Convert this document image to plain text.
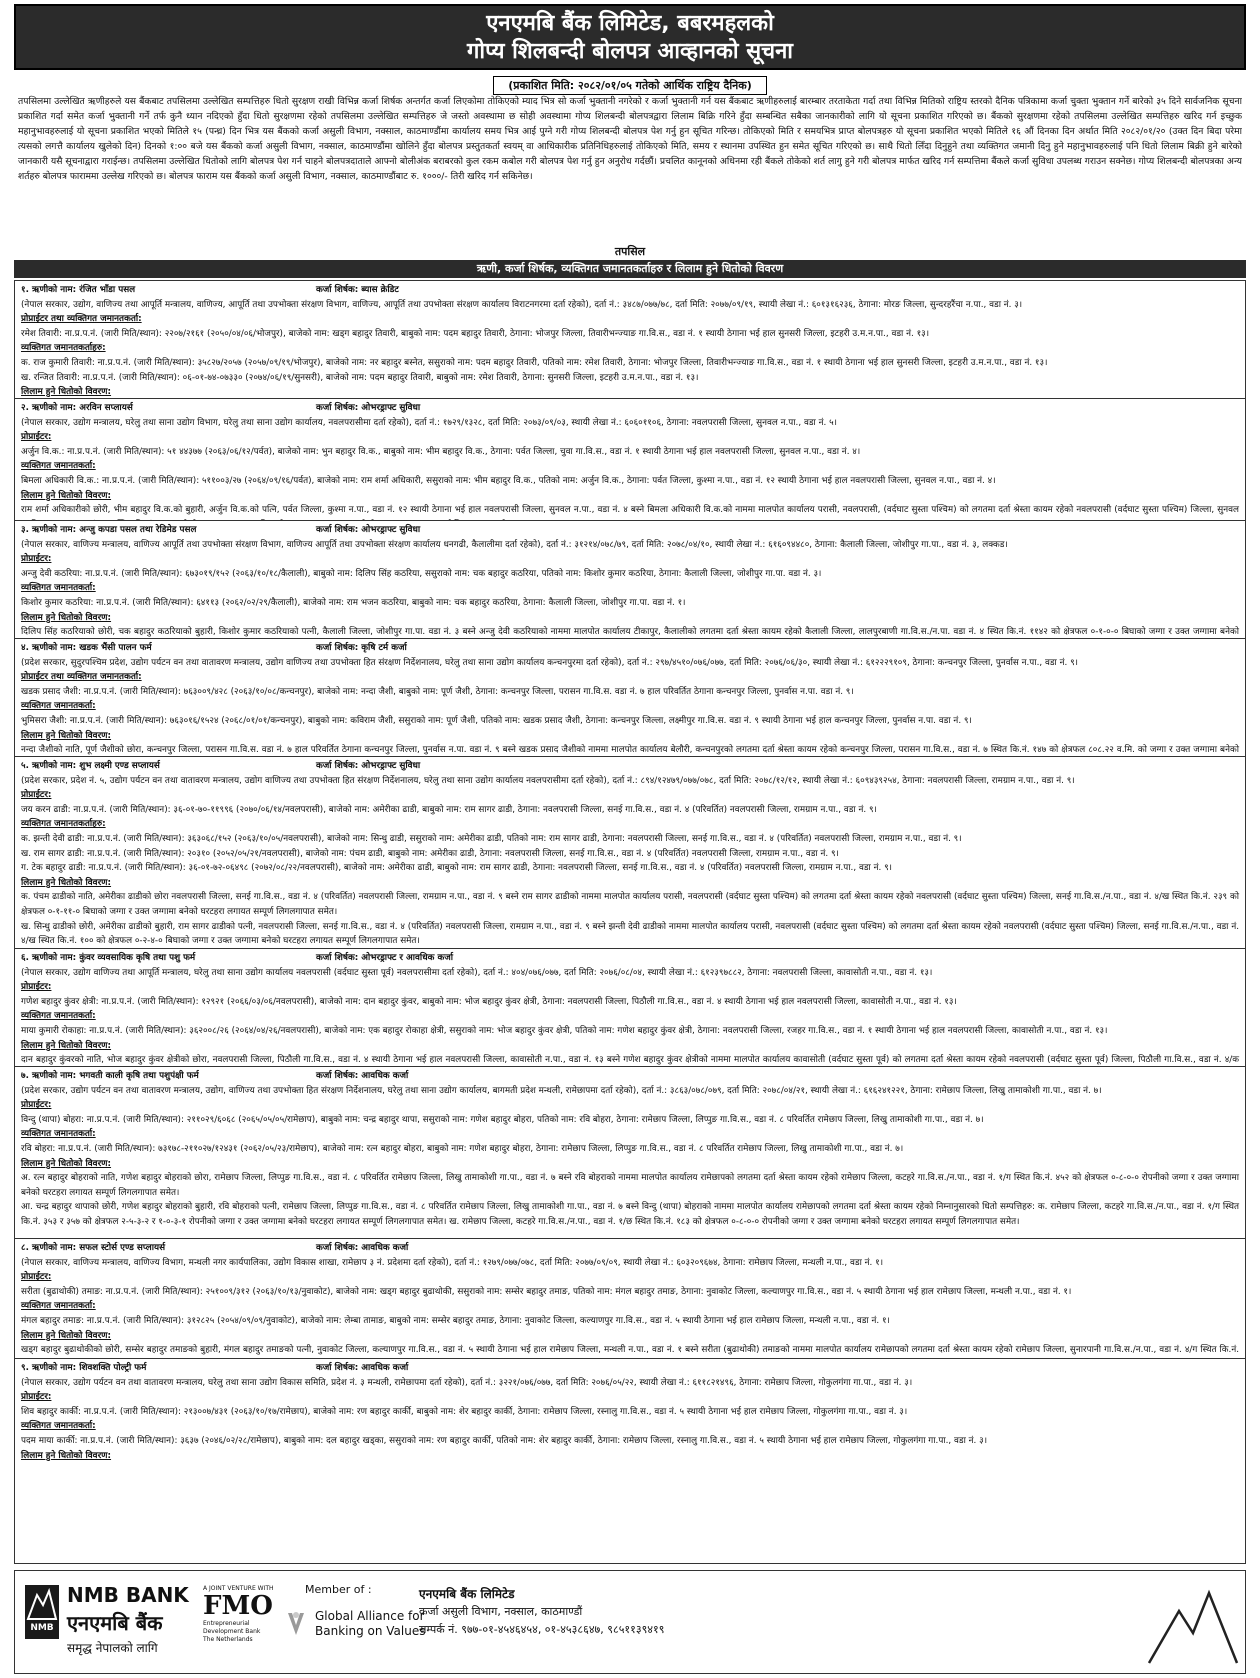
एनएमबि बैंक लिमिटेड, बबरमहलको
गोप्य शिलबन्दी बोलपत्र आव्हानको सूचना
(प्रकाशित मिति: २०८२/०१/०५ गतेको आर्थिक राष्ट्रिय दैनिक)
तपसिलमा उल्लेखित ऋणीहरुले यस बैंकबाट तपसिलमा उल्लेखित सम्पत्तिहरु धितो सुरक्षण राखी विभिन्न कर्जा शिर्षक अन्तर्गत कर्जा लिएकोमा तोकिएको म्याद भित्र सो कर्जा भुक्तानी नगरेको र कर्जा भुक्तानी गर्न यस बैंकबाट ऋणीहरुलाई बारम्बार तरताकेता गर्दा तथा विभिन्न मितिको राष्ट्रिय स्तरको दैनिक पत्रिकामा कर्जा चुक्ता भुक्तान गर्ने बारेको ३५ दिने सार्वजनिक सूचना प्रकाशित गर्दा समेत कर्जा भुक्तानी गर्ने तर्फ कुनै ध्यान नदिएको हुँदा धितो सुरक्षणमा रहेको तपसिलमा उल्लेखित सम्पत्तिहरु जे जस्तो अवस्थामा छ सोही अवस्थामा गोप्य शिलबन्दी बोलपत्रद्वारा लिलाम बिक्रि गरिने हुँदा सम्बन्धित सबैका जानकारीको लागि यो सूचना प्रकाशित गरिएको छ। बैंकको सुरक्षणमा रहेको तपसिलमा उल्लेखित सम्पत्तिहरु खरिद गर्न इच्छुक महानुभावहरुलाई यो सूचना प्रकाशित भएको मितिले १५ (पन्ध्र) दिन भित्र यस बैंकको कर्जा असुली विभाग, नक्साल, काठमाण्डौंमा कार्यालय समय भित्र आई पुग्ने गरी गोप्य शिलबन्दी बोलपत्र पेश गर्नु हुन सूचित गरिन्छ। तोकिएको मिति र समयभित्र प्राप्त बोलपत्रहरु यो सूचना प्रकाशित भएको मितिले १६ औं दिनका दिन अर्थात मिति २०८२/०१/२० (उक्त दिन बिदा परेमा त्यसको लगत्तै कार्यालय खुलेको दिन) दिनको १:०० बजे यस बैंकको कर्जा असुली विभाग, नक्साल, काठमाण्डौंमा खोलिने हुँदा बोलपत्र प्रस्तुतकर्ता स्वयम् वा आधिकारीक प्रतिनिधिहरुलाई तोकिएको मिति, समय र स्थानमा उपस्थित हुन समेत सूचित गरिएको छ। साथै धितो लिँदा दिनुहुने तथा व्यक्तिगत जमानी दिनु हुने महानुभावहरुलाई पनि धितो लिलाम बिक्री हुने बारेको जानकारी यसै सूचनाद्वारा गराईन्छ। तपसिलमा उल्लेखित धितोको लागि बोलपत्र पेश गर्न चाहने बोलपत्रदाताले आफ्नो बोलीअंक बराबरको कुल रकम कबोल गरी बोलपत्र पेश गर्नु हुन अनुरोध गर्दछौं। प्रचलित कानूनको अधिनमा रही बैंकले तोकेको शर्त लागु हुने गरी बोलपत्र मार्फत खरिद गर्न सम्पत्तिमा बैंकले कर्जा सुविधा उपलब्ध गराउन सक्नेछ। गोप्य शिलबन्दी बोलपत्रका अन्य शर्तहरु बोलपत्र फाराममा उल्लेख गरिएको छ। बोलपत्र फाराम यस बैंकको कर्जा असुली विभाग, नक्साल, काठमाण्डौंबाट रु. १०००/- तिरी खरिद गर्न सकिनेछ।
तपसिल
ऋणी, कर्जा शिर्षक, व्यक्तिगत जमानतकर्ताहरु र लिलाम हुने धितोको विवरण
१. ऋणीको नाम: रंजित भाँडा पसल	कर्जा शिर्षक: ब्यास क्रेडिट
(नेपाल सरकार, उद्योग, वाणिज्य तथा आपूर्ति मन्त्रालय, वाणिज्य, आपूर्ति तथा उपभोक्ता संरक्षण विभाग, वाणिज्य, आपूर्ति तथा उपभोक्ता संरक्षण कार्यालय विराटनगरमा दर्ता रहेको), दर्ता नं.: ३४८७/०७७/७८, दर्ता मिति: २०७७/०९/१९, स्थायी लेखा नं.: ६०१३१६२३६, ठेगाना: मोरङ जिल्ला, सुन्दरहरैंचा न.पा., वडा नं. ३।
प्रोप्राईटर तथा व्यक्तिगत जमानतकर्ता:
रमेश तिवारी: ना.प्र.प.नं. (जारी मिति/स्थान): २२०७/२१६१ (२०५०/०४/०६/भोजपुर), बाजेको नाम: खड्ग बहादुर तिवारी, बाबुको नाम: पदम बहादुर तिवारी, ठेगाना: भोजपुर जिल्ला, तिवारीभन्ज्याङ गा.वि.स., वडा नं. १ स्थायी ठेगाना भई हाल सुनसरी जिल्ला, इटहरी उ.म.न.पा., वडा नं. १३।
व्यक्तिगत जमानतकर्ताहरु:
क. राज कुमारी तिवारी: ना.प्र.प.नं. (जारी मिति/स्थान): ३५८२७/२०५७ (२०५७/०९/१९/भोजपुर), बाजेको नाम: नर बहादुर बस्नेत, ससुराको नाम: पदम बहादुर तिवारी, पतिको नाम: रमेश तिवारी, ठेगाना: भोजपुर जिल्ला, तिवारीभन्ज्याङ गा.वि.स., वडा नं. १ स्थायी ठेगाना भई हाल सुनसरी जिल्ला, इटहरी उ.म.न.पा., वडा नं. १३।
ख. रन्जित तिवारी: ना.प्र.प.नं. (जारी मिति/स्थान): ०६-०१-७४-०७३३० (२०७४/०६/१९/सुनसरी), बाजेको नाम: पदम बहादुर तिवारी, बाबुको नाम: रमेश तिवारी, ठेगाना: सुनसरी जिल्ला, इटहरी उ.म.न.पा., वडा नं. १३।
लिलाम हुने धितोको विवरण:
२. ऋणीको नाम: अरविन सप्लायर्स	कर्जा शिर्षक: ओभरड्राफ्ट सुविधा
(नेपाल सरकार, उद्योग मन्त्रालय, घरेलु तथा साना उद्योग विभाग, घरेलु तथा साना उद्योग कार्यालय, नवलपरासीमा दर्ता रहेको), दर्ता नं.: १७२९/१३२८, दर्ता मिति: २०७३/०९/०३, स्थायी लेखा नं.: ६०६०११०६, ठेगाना: नवलपरासी जिल्ला, सुनवल न.पा., वडा नं. ५।
प्रोप्राईटर:
अर्जुन वि.क.: ना.प्र.प.नं. (जारी मिति/स्थान): ५१ ४४३७७ (२०६३/०६/१२/पर्वत), बाजेको नाम: भुन बहादुर वि.क., बाबुको नाम: भीम बहादुर वि.क., ठेगाना: पर्वत जिल्ला, चुवा गा.वि.स., वडा नं. १ स्थायी ठेगाना भई हाल नवलपरासी जिल्ला, सुनवल न.पा., वडा नं. ४।
व्यक्तिगत जमानतकर्ता:
बिमला अधिकारी वि.क.: ना.प्र.प.नं. (जारी मिति/स्थान): ५११००३/२७ (२०६४/०९/१६/पर्वत), बाजेको नाम: राम शर्मा अधिकारी, ससुराको नाम: भीम बहादुर वि.क., पतिको नाम: अर्जुन वि.क., ठेगाना: पर्वत जिल्ला, कुश्मा न.पा., वडा नं. १२ स्थायी ठेगाना भई हाल नवलपरासी जिल्ला, सुनवल न.पा., वडा नं. ४।
लिलाम हुने धितोको विवरण:
राम शर्मा अधिकारीको छोरी, भीम बहादुर वि.क.को बुहारी, अर्जुन वि.क.को पत्नि, पर्वत जिल्ला, कुश्मा न.पा., वडा नं. १२ स्थायी ठेगाना भई हाल नवलपरासी जिल्ला, सुनवल न.पा., वडा नं. ४ बस्ने बिमला अधिकारी वि.क.को नाममा मालपोत कार्यालय परासी, नवलपरासी, (वर्दघाट सुस्ता पश्चिम) को लगतमा दर्ता श्रेस्ता कायम रहेको नवलपरासी (वर्दघाट सुस्ता पश्चिम) जिल्ला, सुनवल
३. ऋणीको नाम: अन्जु कपडा पसल तथा रेडिमेड पसल	कर्जा शिर्षक: ओभरड्राफ्ट सुविधा
(नेपाल सरकार, वाणिज्य मन्त्रालय, वाणिज्य आपूर्ति तथा उपभोक्ता संरक्षण विभाग, वाणिज्य आपूर्ति तथा उपभोक्ता संरक्षण कार्यालय धनगढी, कैलालीमा दर्ता रहेको), दर्ता नं.: ३१२१४/०७८/७९, दर्ता मिति: २०७८/०४/१०, स्थायी लेखा नं.: ६१६०९४४८०, ठेगाना: कैलाली जिल्ला, जोशीपुर गा.पा., वडा नं. ३, लक्कड।
प्रोप्राईटर:
अन्जु देवी कठरिया: ना.प्र.प.नं. (जारी मिति/स्थान): ६७३०१९/१५२ (२०६३/१०/१८/कैलाली), बाबुको नाम: दिलिप सिंह कठरिया, ससुराको नाम: चक बहादुर कठरिया, पतिको नाम: किशोर कुमार कठरिया, ठेगाना: कैलाली जिल्ला, जोशीपुर गा.पा. वडा नं. ३।
व्यक्तिगत जमानतकर्ता:
किशोर कुमार कठरिया: ना.प्र.प.नं. (जारी मिति/स्थान): ६४११३ (२०६२/०२/२९/कैलाली), बाजेको नाम: राम भजन कठरिया, बाबुको नाम: चक बहादुर कठरिया, ठेगाना: कैलाली जिल्ला, जोशीपुर गा.पा. वडा नं. १।
लिलाम हुने धितोको विवरण:
दिलिप सिंह कठरियाको छोरी, चक बहादुर कठरियाको बुहारी, किशोर कुमार कठरियाको पत्नी, कैलाली जिल्ला, जोशीपुर गा.पा. वडा नं. ३ बस्ने अन्जु देवी कठरियाको नाममा मालपोत कार्यालय टीकापुर, कैलालीको लगतमा दर्ता श्रेस्ता कायम रहेको कैलाली जिल्ला, लालपुरबाणी गा.वि.स./न.पा. वडा नं. ४ स्थित कि.नं. ११४२ को क्षेत्रफल ०-१-०-० बिघाको जग्गा र उक्त जग्गामा बनेको
४. ऋणीको नाम: खडक भैंसी पालन फर्म	कर्जा शिर्षक: कृषि टर्म कर्जा
(प्रदेश सरकार, सुदुरपश्चिम प्रदेश, उद्योग पर्यटन वन तथा वातावरण मन्त्रालय, उद्योग वाणिज्य तथा उपभोक्ता हित संरक्षण निर्देशनालय, घरेलु तथा साना उद्योग कार्यालय कन्चनपुरमा दर्ता रहेको), दर्ता नं.: २९७/४५१०/०७६/०७७, दर्ता मिति: २०७६/०६/३०, स्थायी लेखा नं.: ६१२२२९१०९, ठेगाना: कन्चनपुर जिल्ला, पुनर्वास न.पा., वडा नं. ९।
प्रोप्राईटर तथा व्यक्तिगत जमानतकर्ता:
खडक प्रसाद जैशी: ना.प्र.प.नं. (जारी मिति/स्थान): ७६३००९/४२८ (२०६३/१०/०८/कन्चनपुर), बाजेको नाम: नन्दा जैशी, बाबुको नाम: पूर्ण जैशी, ठेगाना: कन्चनपुर जिल्ला, परासन गा.वि.स. वडा नं. ७ हाल परिवर्तित ठेगाना कन्चनपुर जिल्ला, पुनर्वास न.पा. वडा नं. ९।
व्यक्तिगत जमानतकर्ता:
भुमिसरा जैशी: ना.प्र.प.नं. (जारी मिति/स्थान): ७६३०१६/१५२४ (२०६८/०१/०१/कन्चनपुर), बाबुको नाम: कविराम जैशी, ससुराको नाम: पूर्ण जैशी, पतिको नाम: खडक प्रसाद जैशी, ठेगाना: कन्चनपुर जिल्ला, लक्ष्मीपुर गा.वि.स. वडा नं. ९ स्थायी ठेगाना भई हाल कन्चनपुर जिल्ला, पुनर्वास न.पा. वडा नं. ९।
लिलाम हुने धितोको विवरण:
नन्दा जैशीको नाति, पूर्ण जैशीको छोरा, कन्चनपुर जिल्ला, परासन गा.वि.स. वडा नं. ७ हाल परिवर्तित ठेगाना कन्चनपुर जिल्ला, पुनर्वास न.पा. वडा नं. ९ बस्ने खडक प्रसाद जैशीको नाममा मालपोत कार्यालय बेलौरी, कन्चनपुरको लगतमा दर्ता श्रेस्ता कायम रहेको कन्चनपुर जिल्ला, परासन गा.वि.स., वडा नं. ७ स्थित कि.नं. १४७ को क्षेत्रफल ८०८.२२ व.मि. को जग्गा र उक्त जग्गामा बनेको
५. ऋणीको नाम: शुभ लक्ष्मी एण्ड सप्लायर्स	कर्जा शिर्षक: ओभरड्राफ्ट सुविधा
(प्रदेश सरकार, प्रदेश नं. ५, उद्योग पर्यटन वन तथा वातावरण मन्त्रालय, उद्योग वाणिज्य तथा उपभोक्ता हित संरक्षण निर्देशनालय, घरेलु तथा साना उद्योग कार्यालय नवलपरासीमा दर्ता रहेको), दर्ता नं.: ८९४/१२४७९/०७७/०७८, दर्ता मिति: २०७८/१२/१२, स्थायी लेखा नं.: ६०९४३९२५४, ठेगाना: नवलपरासी जिल्ला, रामग्राम न.पा., वडा नं. ९।
प्रोप्राईटर:
जय करन ढाडी: ना.प्र.प.नं. (जारी मिति/स्थान): ३६-०१-७०-११९९६ (२०७०/०६/१४/नवलपरासी), बाजेको नाम: अमेरीका ढाडी, बाबुको नाम: राम सागर ढाडी, ठेगाना: नवलपरासी जिल्ला, सनई गा.वि.स., वडा नं. ४ (परिवर्तित) नवलपरासी जिल्ला, रामग्राम न.पा., वडा नं. ९।
व्यक्तिगत जमानतकर्ताहरु:
क. झन्ती देवी ढाडी: ना.प्र.प.नं. (जारी मिति/स्थान): ३६३०६८/१५२ (२०६३/१०/०५/नवलपरासी), बाजेको नाम: सिन्धु ढाडी, ससुराको नाम: अमेरीका ढाडी, पतिको नाम: राम सागर ढाडी, ठेगाना: नवलपरासी जिल्ला, सनई गा.वि.स., वडा नं. ४ (परिवर्तित) नवलपरासी जिल्ला, रामग्राम न.पा., वडा नं. ९।
ख. राम सागर ढाडी: ना.प्र.प.नं. (जारी मिति/स्थान): २०३१० (२०५२/०५/२१/नवलपरासी), बाजेको नाम: पंचम ढाडी, बाबुको नाम: अमेरीका ढाडी, ठेगाना: नवलपरासी जिल्ला, सनई गा.वि.स., वडा नं. ४ (परिवर्तित) नवलपरासी जिल्ला, रामग्राम न.पा., वडा नं. ९।
ग. टेक बहादुर ढाडी: ना.प्र.प.नं. (जारी मिति/स्थान): ३६-०१-७२-०६४९८ (२०७२/०८/२२/नवलपरासी), बाजेको नाम: अमेरीका ढाडी, बाबुको नाम: राम सागर ढाडी, ठेगाना: नवलपरासी जिल्ला, सनई गा.वि.स., वडा नं. ४ (परिवर्तित) नवलपरासी जिल्ला, रामग्राम न.पा., वडा नं. ९।
लिलाम हुने धितोको विवरण:
क. पंचम ढाडीको नाति, अमेरीका ढाडीको छोरा नवलपरासी जिल्ला, सनई गा.वि.स., वडा नं. ४ (परिवर्तित) नवलपरासी जिल्ला, रामग्राम न.पा., वडा नं. ९ बस्ने राम सागर ढाडीको नाममा मालपोत कार्यालय परासी, नवलपरासी (वर्दघाट सुस्ता पश्चिम) को लगतमा दर्ता श्रेस्ता कायम रहेको नवलपरासी (वर्दघाट सुस्ता पश्चिम) जिल्ला, सनई गा.वि.स./न.पा., वडा नं. ४/ख स्थित कि.नं. २३९ को क्षेत्रफल ०-१-११-० बिघाको जग्गा र उक्त जग्गामा बनेको घरटहरा लगायत सम्पूर्ण लिगलगापात समेत।
ख. सिन्धु ढाडीको छोरी, अमेरीका ढाडीको बुहारी, राम सागर ढाडीको पत्नी, नवलपरासी जिल्ला, सनई गा.वि.स., वडा नं. ४ (परिवर्तित) नवलपरासी जिल्ला, रामग्राम न.पा., वडा नं. ९ बस्ने झन्ती देवी ढाडीको नाममा मालपोत कार्यालय परासी, नवलपरासी (वर्दघाट सुस्ता पश्चिम) को लगतमा दर्ता श्रेस्ता कायम रहेको नवलपरासी (वर्दघाट सुस्ता पश्चिम) जिल्ला, सनई गा.वि.स./न.पा., वडा नं. ४/ख स्थित कि.नं. १०० को क्षेत्रफल ०-२-४-० बिघाको जग्गा र उक्त जग्गामा बनेको घरटहरा लगायत सम्पूर्ण लिगलगापात समेत।
६. ऋणीको नाम: कुंवर व्यवसायिक कृषि तथा पशु फर्म	कर्जा शिर्षक: ओभरड्राफ्ट र आवधिक कर्जा
(नेपाल सरकार, उद्योग वाणिज्य तथा आपूर्ति मन्त्रालय, घरेलु तथा साना उद्योग कार्यालय नवलपरासी (वर्दघाट सुस्ता पूर्व) नवलपरासीमा दर्ता रहेको), दर्ता नं.: ४०४/०७६/०७७, दर्ता मिति: २०७६/०८/०४, स्थायी लेखा नं.: ६१२३९७८८२, ठेगाना: नवलपरासी जिल्ला, कावासोती न.पा., वडा नं. १३।
प्रोप्राईटर:
गणेश बहादुर कुंवर क्षेत्री: ना.प्र.प.नं. (जारी मिति/स्थान): १२९२१ (२०६६/०३/०६/नवलपरासी), बाजेको नाम: दान बहादुर कुंवर, बाबुको नाम: भोज बहादुर कुंवर क्षेत्री, ठेगाना: नवलपरासी जिल्ला, पिठौली गा.वि.स., वडा नं. ४ स्थायी ठेगाना भई हाल नवलपरासी जिल्ला, कावासोती न.पा., वडा नं. १३।
व्यक्तिगत जमानतकर्ता:
माया कुमारी रोकाहा: ना.प्र.प.नं. (जारी मिति/स्थान): ३६२००८/२६ (२०६४/०४/२६/नवलपरासी), बाजेको नाम: एक बहादुर रोकाहा क्षेत्री, ससुराको नाम: भोज बहादुर कुंवर क्षेत्री, पतिको नाम: गणेश बहादुर कुंवर क्षेत्री, ठेगाना: नवलपरासी जिल्ला, रजहर गा.वि.स., वडा नं. १ स्थायी ठेगाना भई हाल नवलपरासी जिल्ला, कावासोती न.पा., वडा नं. १३।
लिलाम हुने धितोको विवरण:
दान बहादुर कुंवरको नाति, भोज बहादुर कुंवर क्षेत्रीको छोरा, नवलपरासी जिल्ला, पिठौली गा.वि.स., वडा नं. ४ स्थायी ठेगाना भई हाल नवलपरासी जिल्ला, कावासोती न.पा., वडा नं. १३ बस्ने गणेश बहादुर कुंवर क्षेत्रीको नाममा मालपोत कार्यालय कावासोती (वर्दघाट सुस्ता पूर्व) को लगतमा दर्ता श्रेस्ता कायम रहेको नवलपरासी (वर्दघाट सुस्ता पूर्व) जिल्ला, पिठौली गा.वि.स., वडा नं. ४/क
७. ऋणीको नाम: भगवती काली कृषि तथा पशुपंक्षी फर्म	कर्जा शिर्षक: आवधिक कर्जा
(प्रदेश सरकार, उद्योग पर्यटन वन तथा वातावरण मन्त्रालय, उद्योग, वाणिज्य तथा उपभोक्ता हित संरक्षण निर्देशनालय, घरेलु तथा साना उद्योग कार्यालय, बागमती प्रदेश मन्थली, रामेछापमा दर्ता रहेको), दर्ता नं.: ३८६३/०७८/०७९, दर्ता मिति: २०७८/०४/२१, स्थायी लेखा नं.: ६१६२४१२२१, ठेगाना: रामेछाप जिल्ला, लिखु तामाकोशी गा.पा., वडा नं. ७।
प्रोप्राईटर:
विन्दु (थापा) बोहरा: ना.प्र.प.नं. (जारी मिति/स्थान): २११०२९/६०६८ (२०६५/०५/०५/रामेछाप), बाबुको नाम: चन्द्र बहादुर थापा, ससुराको नाम: गणेश बहादुर बोहरा, पतिको नाम: रवि बोहरा, ठेगाना: रामेछाप जिल्ला, लिप्पुङ गा.वि.स., वडा नं. ८ परिवर्तित रामेछाप जिल्ला, लिखु तामाकोशी गा.पा., वडा नं. ७।
व्यक्तिगत जमानतकर्ता:
रवि बोहरा: ना.प्र.प.नं. (जारी मिति/स्थान): ७३१७८-२११०२७/१२४३१ (२०६२/०५/२३/रामेछाप), बाजेको नाम: रत्न बहादुर बोहरा, बाबुको नाम: गणेश बहादुर बोहरा, ठेगाना: रामेछाप जिल्ला, लिप्पुङ गा.वि.स., वडा नं. ८ परिवर्तित रामेछाप जिल्ला, लिखु तामाकोशी गा.पा., वडा नं. ७।
लिलाम हुने धितोको विवरण:
अ. रत्न बहादुर बोहराको नाति, गणेश बहादुर बोहराको छोरा, रामेछाप जिल्ला, लिप्पुङ गा.वि.स., वडा नं. ८ परिवर्तित रामेछाप जिल्ला, लिखु तामाकोशी गा.पा., वडा नं. ७ बस्ने रवि बोहराको नाममा मालपोत कार्यालय रामेछापको लगतमा दर्ता श्रेस्ता कायम रहेको रामेछाप जिल्ला, कटहरे गा.वि.स./न.पा., वडा नं. १/ग स्थित कि.नं. ४५२ को क्षेत्रफल ०-८-०-० रोपनीको जग्गा र उक्त जग्गामा बनेको घरटहरा लगायत सम्पूर्ण लिगलगापात समेत।
आ. चन्द्र बहादुर थापाको छोरी, गणेश बहादुर बोहराको बुहारी, रवि बोहराको पत्नी, रामेछाप जिल्ला, लिप्पुङ गा.वि.स., वडा नं. ८ परिवर्तित रामेछाप जिल्ला, लिखु तामाकोशी गा.पा., वडा नं. ७ बस्ने विन्दु (थापा) बोहराको नाममा मालपोत कार्यालय रामेछापको लगतमा दर्ता श्रेस्ता कायम रहेको निम्नानुसारको धितो सम्पत्तिहरु: क. रामेछाप जिल्ला, कटहरे गा.वि.स./न.पा., वडा नं. १/ग स्थित कि.नं. ३५३ र ३५७ को क्षेत्रफल २-५-३-२ र १-०-३-१ रोपनीको जग्गा र उक्त जग्गामा बनेको घरटहरा लगायत सम्पूर्ण लिगलगापात समेत। ख. रामेछाप जिल्ला, कटहरे गा.वि.स./न.पा., वडा नं. १/छ स्थित कि.नं. १८३ को क्षेत्रफल ०-८-०-० रोपनीको जग्गा र उक्त जग्गामा बनेको घरटहरा लगायत सम्पूर्ण लिगलगापात समेत।
८. ऋणीको नाम: सफल स्टोर्स एण्ड सप्लायर्स	कर्जा शिर्षक: आवधिक कर्जा
(नेपाल सरकार, वाणिज्य मन्त्रालय, वाणिज्य विभाग, मन्थली नगर कार्यपालिका, उद्योग विकास शाखा, रामेछाप ३ नं. प्रदेशमा दर्ता रहेको), दर्ता नं.: १२७९/०७७/०७८, दर्ता मिति: २०७७/०९/०९, स्थायी लेखा नं.: ६०३२०९६७४, ठेगाना: रामेछाप जिल्ला, मन्थली न.पा., वडा नं. १।
प्रोप्राईटर:
सरीता (बुढाथोकी) तमाङ: ना.प्र.प.नं. (जारी मिति/स्थान): २५१००९/३१२ (२०६३/१०/१३/नुवाकोट), बाजेको नाम: खड्ग बहादुर बुढाथोकी, ससुराको नाम: सम्सेर बहादुर तमाङ, पतिको नाम: मंगल बहादुर तमाङ, ठेगाना: नुवाकोट जिल्ला, कल्याणपुर गा.वि.स., वडा नं. ५ स्थायी ठेगाना भई हाल रामेछाप जिल्ला, मन्थली न.पा., वडा नं. १।
व्यक्तिगत जमानतकर्ता:
मंगल बहादुर तमाङ: ना.प्र.प.नं. (जारी मिति/स्थान): ३१२८२५ (२०५४/०९/०९/नुवाकोट), बाजेको नाम: लेम्बा तामाङ, बाबुको नाम: सम्सेर बहादुर तमाङ, ठेगाना: नुवाकोट जिल्ला, कल्याणपुर गा.वि.स., वडा नं. ५ स्थायी ठेगाना भई हाल रामेछाप जिल्ला, मन्थली न.पा., वडा नं. १।
लिलाम हुने धितोको विवरण:
खड्ग बहादुर बुढाथोकीको छोरी, सम्सेर बहादुर तमाङको बुहारी, मंगल बहादुर तमाङको पत्नी, नुवाकोट जिल्ला, कल्याणपुर गा.वि.स., वडा नं. ५ स्थायी ठेगाना भई हाल रामेछाप जिल्ला, मन्थली न.पा., वडा नं. १ बस्ने सरीता (बुढाथोकी) तमाङको नाममा मालपोत कार्यालय रामेछापको लगतमा दर्ता श्रेस्ता कायम रहेको रामेछाप जिल्ला, सुनारपानी गा.वि.स./न.पा., वडा नं. ४/ग स्थित कि.नं.
९. ऋणीको नाम: शिवशक्ति पोल्ट्री फर्म	कर्जा शिर्षक: आवधिक कर्जा
(नेपाल सरकार, उद्योग पर्यटन वन तथा वातावरण मन्त्रालय, घरेलु तथा साना उद्योग विकास समिति, प्रदेश नं. ३ मन्थली, रामेछापमा दर्ता रहेको), दर्ता नं.: ३२२१/०७६/०७७, दर्ता मिति: २०७६/०५/२२, स्थायी लेखा नं.: ६११८२१४९६, ठेगाना: रामेछाप जिल्ला, गोकुलगंगा गा.पा., वडा नं. ३।
प्रोप्राईटर:
शिव बहादुर कार्की: ना.प्र.प.नं. (जारी मिति/स्थान): २१३००७/४३१ (२०६३/१०/१७/रामेछाप), बाजेको नाम: रण बहादुर कार्की, बाबुको नाम: शेर बहादुर कार्की, ठेगाना: रामेछाप जिल्ला, रस्नालु गा.वि.स., वडा नं. ५ स्थायी ठेगाना भई हाल रामेछाप जिल्ला, गोकुलगंगा गा.पा., वडा नं. ३।
व्यक्तिगत जमानतकर्ता:
पदम माया कार्की: ना.प्र.प.नं. (जारी मिति/स्थान): ३६३७ (२०४६/०२/२८/रामेछाप), बाबुको नाम: दल बहादुर खड्का, ससुराको नाम: रण बहादुर कार्की, पतिको नाम: शेर बहादुर कार्की, ठेगाना: रामेछाप जिल्ला, रस्नालु गा.वि.स., वडा नं. ५ स्थायी ठेगाना भई हाल रामेछाप जिल्ला, गोकुलगंगा गा.पा., वडा नं. ३।
लिलाम हुने धितोको विवरण:
NMB
NMB BANK
एनएमबि बैंक
समृद्ध नेपालको लागि
A JOINT VENTURE WITH
FMO
Entrepreneurial Development Bank The Netherlands
Member of :
Global Alliance for
Banking on Values
एनएमबि बैंक लिमिटेड
कर्जा असुली विभाग, नक्साल, काठमाण्डौं
सम्पर्क नं. ९७७-०१-४५४६४५४, ०१-४५३८६४७, ९८५११३९४१९
